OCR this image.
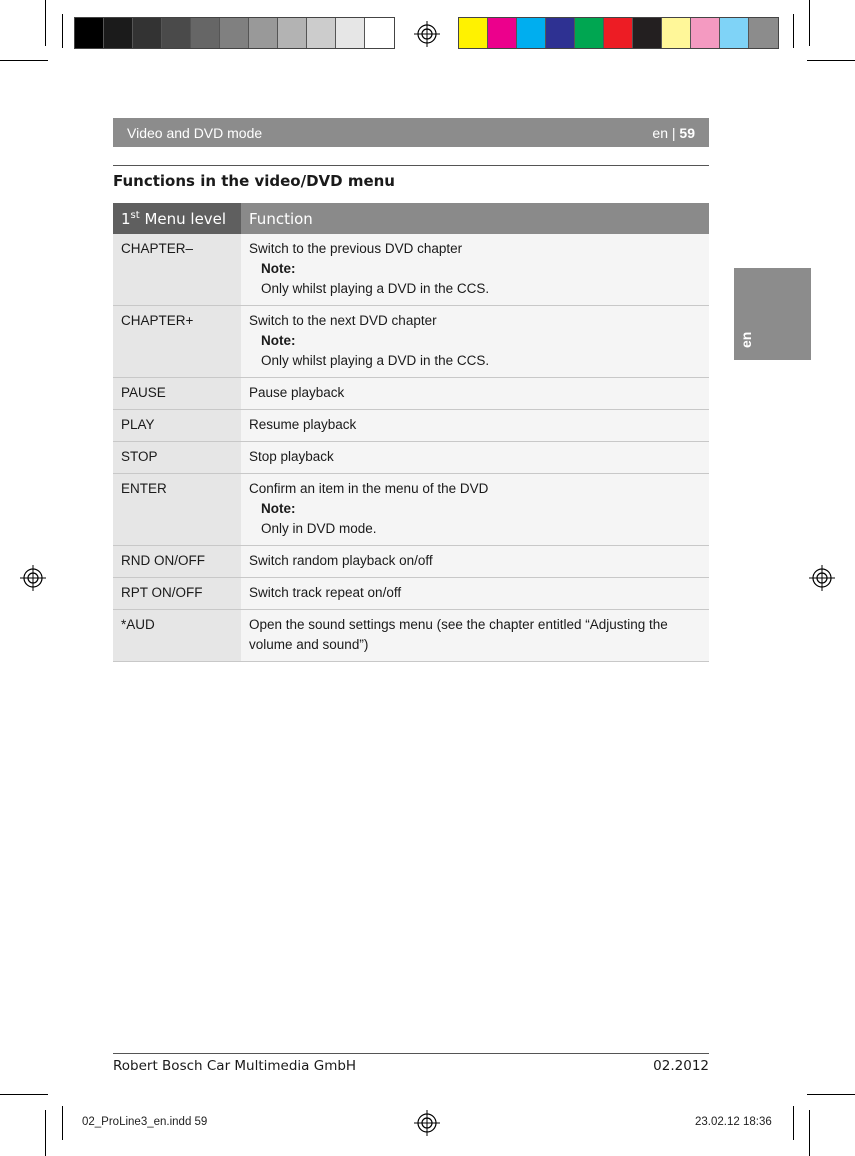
Video and DVD mode	en | 59
Functions in the video/DVD menu
en
1st Menu level	Function
CHAPTER–	Switch to the previous DVD chapter
Note:
Only whilst playing a DVD in the CCS.

CHAPTER+	Switch to the next DVD chapter
Note:
Only whilst playing a DVD in the CCS.

PAUSE	Pause playback
PLAY	Resume playback
STOP	Stop playback
ENTER	Confirm an item in the menu of the DVD
Note:
Only in DVD mode.

RND ON/OFF	Switch random playback on/off
RPT ON/OFF	Switch track repeat on/off
*AUD	Open the sound settings menu (see the chapter entitled “Adjusting the volume and sound”)
Robert Bosch Car Multimedia GmbH	02.2012
02_ProLine3_en.indd 59	23.02.12 18:36
